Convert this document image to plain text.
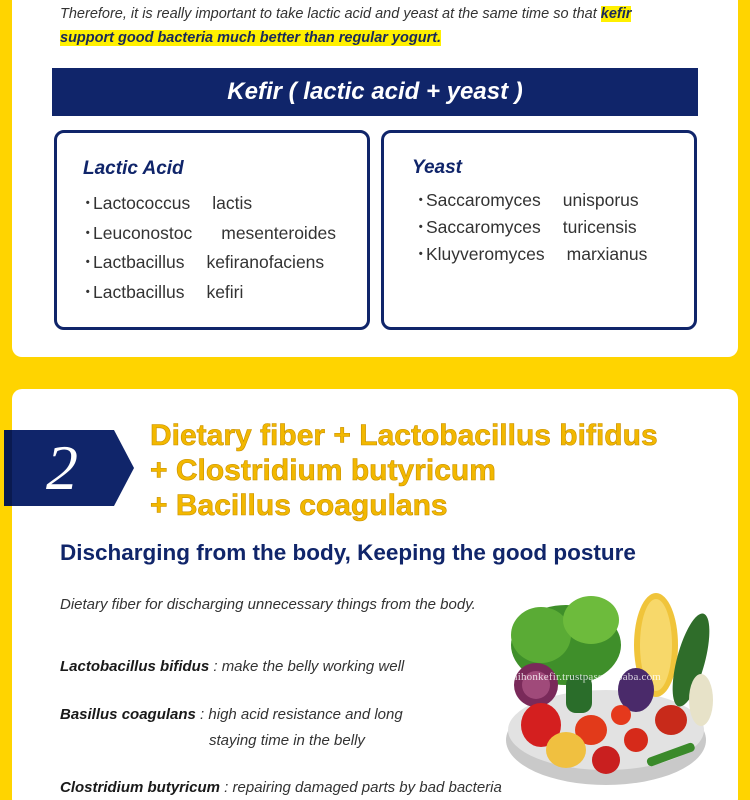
Therefore, it is really important to take lactic acid and yeast at the same time so that kefir support good bacteria much better than regular yogurt.

Kefir ( lactic acid + yeast )
Lactic Acid
・Lactococcus lactis
・Leuconostoc mesenteroides
・Lactbacillus kefiranofaciens
・Lactbacillus kefiri
Yeast
・Saccaromyces unisporus
・Saccaromyces turicensis
・Kluyveromyces marxianus
2 Dietary fiber + Lactobacillus bifidus
+ Clostridium butyricum
+ Bacillus coagulans
Discharging from the body, Keeping the good posture

Dietary fiber for discharging unnecessary things from the body.

Lactobacillus bifidus : make the belly working well

Basillus coagulans : high acid resistance and long

staying time in the belly

Clostridium butyricum : repairing damaged parts by bad bacteria

nihonkefir.trustpass.alibaba.com
